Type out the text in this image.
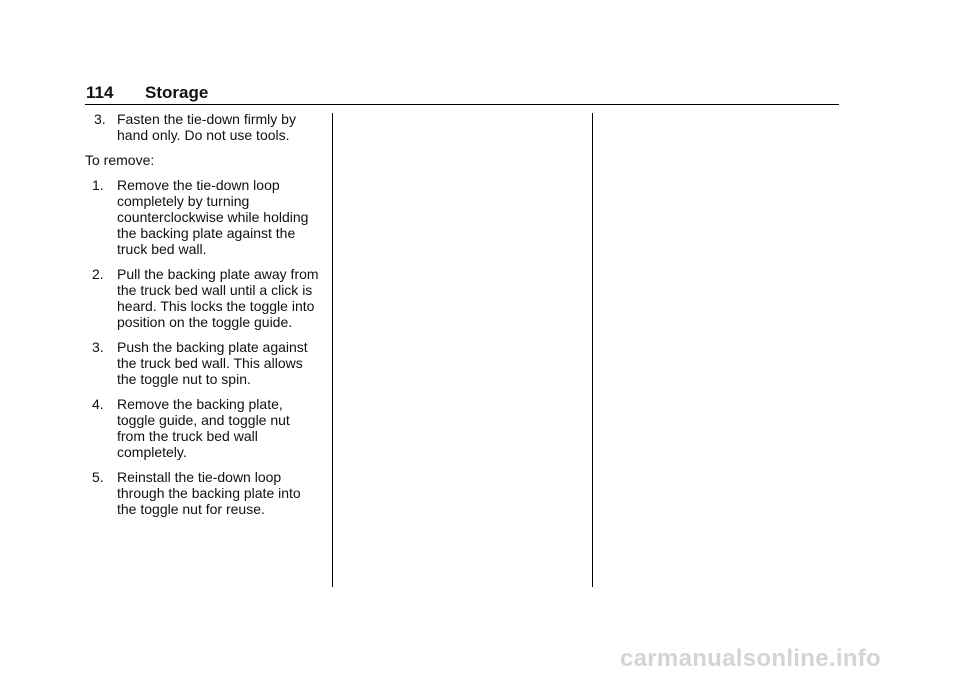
114 Storage
3. Fasten the tie-down firmly by hand only. Do not use tools.

To remove:

1. Remove the tie-down loop completely by turning counterclockwise while holding the backing plate against the truck bed wall.
2. Pull the backing plate away from the truck bed wall until a click is heard. This locks the toggle into position on the toggle guide.
3. Push the backing plate against the truck bed wall. This allows the toggle nut to spin.
4. Remove the backing plate, toggle guide, and toggle nut from the truck bed wall completely.
5. Reinstall the tie-down loop through the backing plate into the toggle nut for reuse.
carmanualsonline.info
